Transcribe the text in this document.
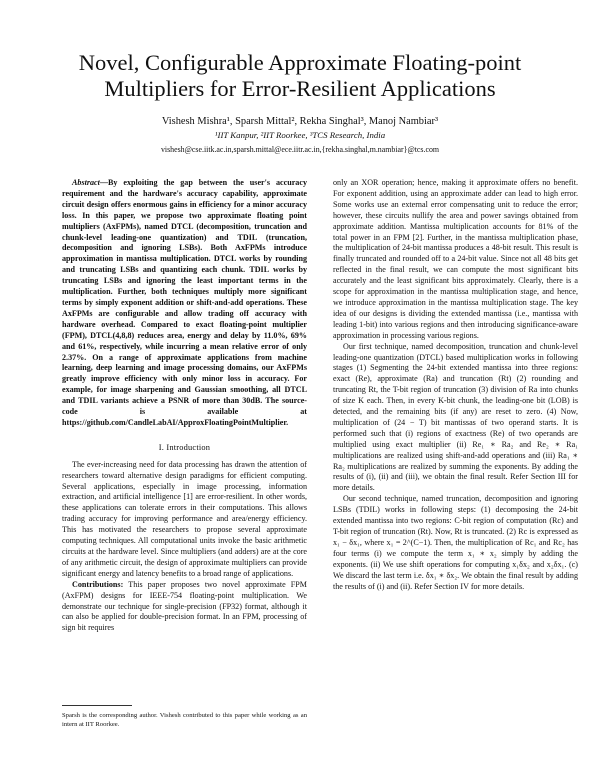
Novel, Configurable Approximate Floating-point
Multipliers for Error-Resilient Applications
Vishesh Mishra¹, Sparsh Mittal², Rekha Singhal³, Manoj Nambiar³
¹IIT Kanpur, ²IIT Roorkee, ³TCS Research, India
vishesh@cse.iitk.ac.in,sparsh.mittal@ece.iitr.ac.in,{rekha.singhal,m.nambiar}@tcs.com

Abstract—By exploiting the gap between the user's accuracy requirement and the hardware's accuracy capability, approximate circuit design offers enormous gains in efficiency for a minor accuracy loss. In this paper, we propose two approximate floating point multipliers (AxFPMs), named DTCL (decomposition, truncation and chunk-level leading-one quantization) and TDIL (truncation, decomposition and ignoring LSBs). Both AxFPMs introduce approximation in mantissa multiplication. DTCL works by rounding and truncating LSBs and quantizing each chunk. TDIL works by truncating LSBs and ignoring the least important terms in the multiplication. Further, both techniques multiply more significant terms by simply exponent addition or shift-and-add operations. These AxFPMs are configurable and allow trading off accuracy with hardware overhead. Compared to exact floating-point multiplier (FPM), DTCL(4,8,8) reduces area, energy and delay by 11.0%, 69% and 61%, respectively, while incurring a mean relative error of only 2.37%. On a range of approximate applications from machine learning, deep learning and image processing domains, our AxFPMs greatly improve efficiency with only minor loss in accuracy. For example, for image sharpening and Gaussian smoothing, all DTCL and TDIL variants achieve a PSNR of more than 30dB. The source-code is available at https://github.com/CandleLabAI/ApproxFloatingPointMultiplier.

I. Introduction

The ever-increasing need for data processing has drawn the attention of researchers toward alternative design paradigms for efficient computing. Several applications, especially in image processing, information extraction, and artificial intelligence [1] are error-resilient. In other words, these applications can tolerate errors in their computations. This allows trading accuracy for improving performance and area/energy efficiency. This has motivated the researchers to propose several approximate computing techniques. All computational units invoke the basic arithmetic circuits at the hardware level. Since multipliers (and adders) are at the core of any arithmetic circuit, the design of approximate multipliers can provide significant energy and latency benefits to a broad range of applications.

Contributions: This paper proposes two novel approximate FPM (AxFPM) designs for IEEE-754 floating-point multiplication. We demonstrate our technique for single-precision (FP32) format, although it can also be applied for double-precision format. In an FPM, processing of sign bit requires

Sparsh is the corresponding author. Vishesh contributed to this paper while working as an intern at IIT Roorkee.

only an XOR operation; hence, making it approximate offers no benefit. For exponent addition, using an approximate adder can lead to high error. Some works use an external error compensating unit to reduce the error; however, these circuits nullify the area and power savings obtained from approximate addition. Mantissa multiplication accounts for 81% of the total power in an FPM [2]. Further, in the mantissa multiplication phase, the multiplication of 24-bit mantissa produces a 48-bit result. This result is finally truncated and rounded off to a 24-bit value. Since not all 48 bits get reflected in the final result, we can compute the most significant bits accurately and the least significant bits approximately. Clearly, there is a scope for approximation in the mantissa multiplication stage, and hence, we introduce approximation in the mantissa multiplication stage. The key idea of our designs is dividing the extended mantissa (i.e., mantissa with leading 1-bit) into various regions and then introducing significance-aware approximation in processing various regions.

Our first technique, named decomposition, truncation and chunk-level leading-one quantization (DTCL) based multiplication works in following stages (1) Segmenting the 24-bit extended mantissa into three regions: exact (Re), approximate (Ra) and truncation (Rt) (2) rounding and truncating Rt, the T-bit region of truncation (3) division of Ra into chunks of size K each. Then, in every K-bit chunk, the leading-one bit (LOB) is detected, and the remaining bits (if any) are reset to zero. (4) Now, multiplication of (24 − T) bit mantissas of two operand starts. It is performed such that (i) regions of exactness (Re) of two operands are multiplied using exact multiplier (ii) Re₁ ∗ Ra₂ and Re₂ ∗ Ra₁ multiplications are realized using shift-and-add operations and (iii) Ra₁ ∗ Ra₂ multiplications are realized by summing the exponents. By adding the results of (i), (ii) and (iii), we obtain the final result. Refer Section III for more details.

Our second technique, named truncation, decomposition and ignoring LSBs (TDIL) works in following steps: (1) decomposing the 24-bit extended mantissa into two regions: C-bit region of computation (Rc) and T-bit region of truncation (Rt). Now, Rt is truncated. (2) Rc is expressed as x₁ − δx₁, where x₁ = 2^(C−1). Then, the multiplication of Rc₁ and Rc₂ has four terms (i) we compute the term x₁ ∗ x₂ simply by adding the exponents. (ii) We use shift operations for computing x₁δx₂ and x₂δx₁. (c) We discard the last term i.e. δx₁ ∗ δx₂. We obtain the final result by adding the results of (i) and (ii). Refer Section IV for more details.
